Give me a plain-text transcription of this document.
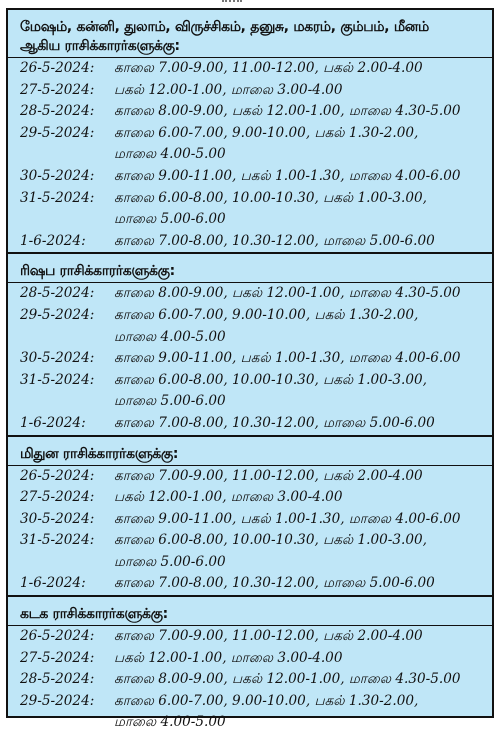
மேஷம், கன்னி, துலாம், விருச்சிகம், தனுசு, மகரம், கும்பம், மீனம்
ஆகிய ராசிக்காரர்களுக்கு:
26-5-2024:	காலை 7.00-9.00, 11.00-12.00, பகல் 2.00-4.00
27-5-2024:	பகல் 12.00-1.00, மாலை 3.00-4.00
28-5-2024:	காலை 8.00-9.00, பகல் 12.00-1.00, மாலை 4.30-5.00
29-5-2024:	காலை 6.00-7.00, 9.00-10.00, பகல் 1.30-2.00,
மாலை 4.00-5.00
30-5-2024:	காலை 9.00-11.00, பகல் 1.00-1.30, மாலை 4.00-6.00
31-5-2024:	காலை 6.00-8.00, 10.00-10.30, பகல் 1.00-3.00,
மாலை 5.00-6.00
1-6-2024:	காலை 7.00-8.00, 10.30-12.00, மாலை 5.00-6.00
ரிஷப ராசிக்காரர்களுக்கு:
28-5-2024:	காலை 8.00-9.00, பகல் 12.00-1.00, மாலை 4.30-5.00
29-5-2024:	காலை 6.00-7.00, 9.00-10.00, பகல் 1.30-2.00,
மாலை 4.00-5.00
30-5-2024:	காலை 9.00-11.00, பகல் 1.00-1.30, மாலை 4.00-6.00
31-5-2024:	காலை 6.00-8.00, 10.00-10.30, பகல் 1.00-3.00,
மாலை 5.00-6.00
1-6-2024:	காலை 7.00-8.00, 10.30-12.00, மாலை 5.00-6.00
மிதுன ராசிக்காரர்களுக்கு:
26-5-2024:	காலை 7.00-9.00, 11.00-12.00, பகல் 2.00-4.00
27-5-2024:	பகல் 12.00-1.00, மாலை 3.00-4.00
30-5-2024:	காலை 9.00-11.00, பகல் 1.00-1.30, மாலை 4.00-6.00
31-5-2024:	காலை 6.00-8.00, 10.00-10.30, பகல் 1.00-3.00,
மாலை 5.00-6.00
1-6-2024:	காலை 7.00-8.00, 10.30-12.00, மாலை 5.00-6.00
கடக ராசிக்காரர்களுக்கு:
26-5-2024:	காலை 7.00-9.00, 11.00-12.00, பகல் 2.00-4.00
27-5-2024:	பகல் 12.00-1.00, மாலை 3.00-4.00
28-5-2024:	காலை 8.00-9.00, பகல் 12.00-1.00, மாலை 4.30-5.00
29-5-2024:	காலை 6.00-7.00, 9.00-10.00, பகல் 1.30-2.00,
மாலை 4.00-5.00
